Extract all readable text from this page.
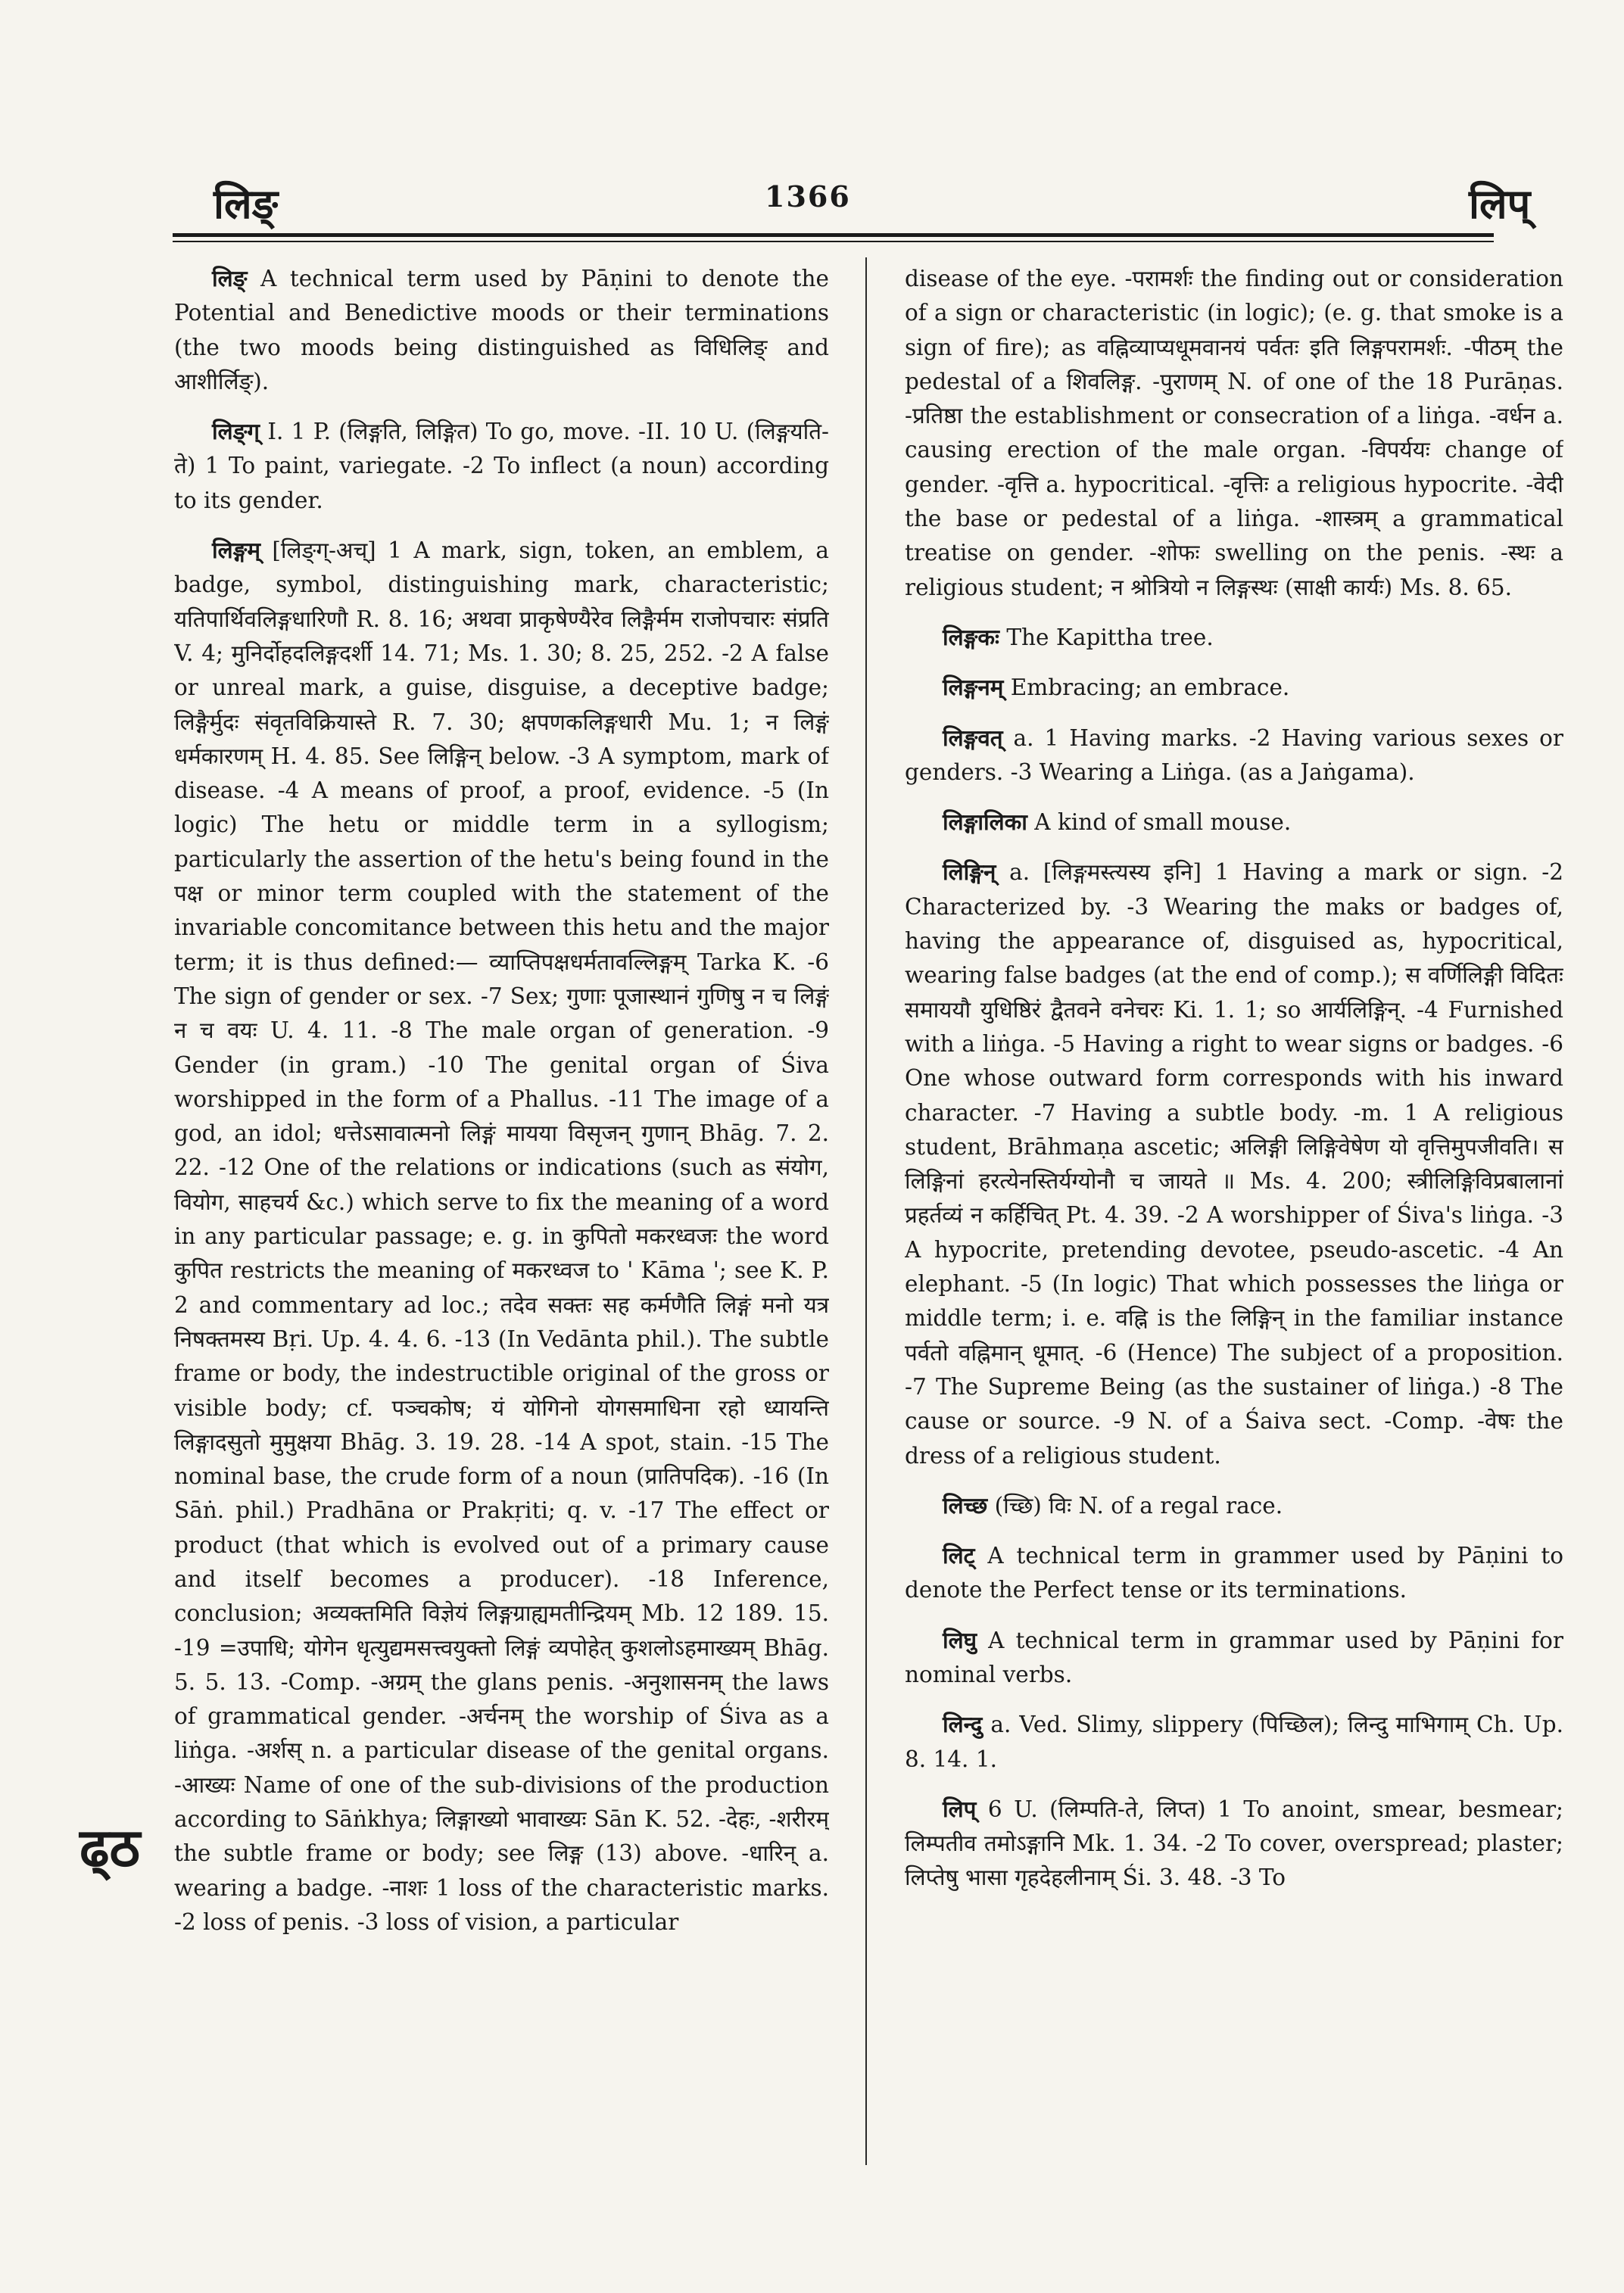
लिङ्	1366	लिप्

लिङ् A technical term used by Pāṇini to denote the Potential and Benedictive moods or their terminations (the two moods being distinguished as विधिलिङ् and आशीर्लिङ्).

लिङ्ग् I. 1 P. (लिङ्गति, लिङ्गित) To go, move. -II. 10 U. (लिङ्गयति-ते) 1 To paint, variegate. -2 To inflect (a noun) according to its gender.

लिङ्गम् [लिङ्ग्-अच्] 1 A mark, sign, token, an emblem, a badge, symbol, distinguishing mark, characteristic; यतिपार्थिवलिङ्गधारिणौ R. 8. 16; अथवा प्राकृषेण्यैरेव लिङ्गैर्मम राजोपचारः संप्रति V. 4; मुनिर्दोहदलिङ्गदर्शी 14. 71; Ms. 1. 30; 8. 25, 252. -2 A false or unreal mark, a guise, disguise, a deceptive badge; लिङ्गैर्मुदः संवृतविक्रियास्ते R. 7. 30; क्षपणकलिङ्गधारी Mu. 1; न लिङ्गं धर्मकारणम् H. 4. 85. See लिङ्गिन् below. -3 A symptom, mark of disease. -4 A means of proof, a proof, evidence. -5 (In logic) The hetu or middle term in a syllogism; particularly the assertion of the hetu's being found in the पक्ष or minor term coupled with the statement of the invariable concomitance between this hetu and the major term; it is thus defined:— व्याप्तिपक्षधर्मतावल्लिङ्गम् Tarka K. -6 The sign of gender or sex. -7 Sex; गुणाः पूजास्थानं गुणिषु न च लिङ्गं न च वयः U. 4. 11. -8 The male organ of generation. -9 Gender (in gram.) -10 The genital organ of Śiva worshipped in the form of a Phallus. -11 The image of a god, an idol; धत्तेऽसावात्मनो लिङ्गं मायया विसृजन् गुणान् Bhāg. 7. 2. 22. -12 One of the relations or indications (such as संयोग, वियोग, साहचर्य &c.) which serve to fix the meaning of a word in any particular passage; e. g. in कुपितो मकरध्वजः the word कुपित restricts the meaning of मकरध्वज to ' Kāma '; see K. P. 2 and commentary ad loc.; तदेव सक्तः सह कर्मणैति लिङ्गं मनो यत्र निषक्तमस्य Bṛi. Up. 4. 4. 6. -13 (In Vedānta phil.). The subtle frame or body, the indestructible original of the gross or visible body; cf. पञ्चकोष; यं योगिनो योगसमाधिना रहो ध्यायन्ति लिङ्गादसुतो मुमुक्षया Bhāg. 3. 19. 28. -14 A spot, stain. -15 The nominal base, the crude form of a noun (प्रातिपदिक). -16 (In Sāṅ. phil.) Pradhāna or Prakṛiti; q. v. -17 The effect or product (that which is evolved out of a primary cause and itself becomes a producer). -18 Inference, conclusion; अव्यक्तमिति विज्ञेयं लिङ्गग्राह्यमतीन्द्रियम् Mb. 12 189. 15. -19 =उपाधि; योगेन धृत्युद्यमसत्त्वयुक्तो लिङ्गं व्यपोहेत् कुशलोऽहमाख्यम् Bhāg. 5. 5. 13. -Comp. -अग्रम् the glans penis. -अनुशासनम् the laws of grammatical gender. -अर्चनम् the worship of Śiva as a liṅga. -अर्शस् n. a particular disease of the genital organs. -आख्यः Name of one of the sub-divisions of the production according to Sāṅkhya; लिङ्गाख्यो भावाख्यः Sān K. 52. -देहः, -शरीरम् the subtle frame or body; see लिङ्ग (13) above. -धारिन् a. wearing a badge. -नाशः 1 loss of the characteristic marks. -2 loss of penis. -3 loss of vision, a particular

disease of the eye. -परामर्शः the finding out or consideration of a sign or characteristic (in logic); (e. g. that smoke is a sign of fire); as वह्निव्याप्यधूमवानयं पर्वतः इति लिङ्गपरामर्शः. -पीठम् the pedestal of a शिवलिङ्ग. -पुराणम् N. of one of the 18 Purāṇas. -प्रतिष्ठा the establishment or consecration of a liṅga. -वर्धन a. causing erection of the male organ. -विपर्ययः change of gender. -वृत्ति a. hypocritical. -वृत्तिः a religious hypocrite. -वेदी the base or pedestal of a liṅga. -शास्त्रम् a grammatical treatise on gender. -शोफः swelling on the penis. -स्थः a religious student; न श्रोत्रियो न लिङ्गस्थः (साक्षी कार्यः) Ms. 8. 65.

लिङ्गकः The Kapittha tree.

लिङ्गनम् Embracing; an embrace.

लिङ्गवत् a. 1 Having marks. -2 Having various sexes or genders. -3 Wearing a Liṅga. (as a Jaṅgama).

लिङ्गालिका A kind of small mouse.

लिङ्गिन् a. [लिङ्गमस्त्यस्य इनि] 1 Having a mark or sign. -2 Characterized by. -3 Wearing the maks or badges of, having the appearance of, disguised as, hypocritical, wearing false badges (at the end of comp.); स वर्णिलिङ्गी विदितः समाययौ युधिष्ठिरं द्वैतवने वनेचरः Ki. 1. 1; so आर्यलिङ्गिन्. -4 Furnished with a liṅga. -5 Having a right to wear signs or badges. -6 One whose outward form corresponds with his inward character. -7 Having a subtle body. -m. 1 A religious student, Brāhmaṇa ascetic; अलिङ्गी लिङ्गिवेषेण यो वृत्तिमुपजीवति। स लिङ्गिनां हरत्येनस्तिर्यग्योनौ च जायते ॥ Ms. 4. 200; स्त्रीलिङ्गिविप्रबालानां प्रहर्तव्यं न कर्हिचित् Pt. 4. 39. -2 A worshipper of Śiva's liṅga. -3 A hypocrite, pretending devotee, pseudo-ascetic. -4 An elephant. -5 (In logic) That which possesses the liṅga or middle term; i. e. वह्नि is the लिङ्गिन् in the familiar instance पर्वतो वह्निमान् धूमात्. -6 (Hence) The subject of a proposition. -7 The Supreme Being (as the sustainer of liṅga.) -8 The cause or source. -9 N. of a Śaiva sect. -Comp. -वेषः the dress of a religious student.

लिच्छ (च्छि) विः N. of a regal race.

लिट् A technical term in grammer used by Pāṇini to denote the Perfect tense or its terminations.

लिघु A technical term in grammar used by Pāṇini for nominal verbs.

लिन्दु a. Ved. Slimy, slippery (पिच्छिल); लिन्दु माभिगाम् Ch. Up. 8. 14. 1.

लिप् 6 U. (लिम्पति-ते, लिप्त) 1 To anoint, smear, besmear; लिम्पतीव तमोऽङ्गानि Mk. 1. 34. -2 To cover, overspread; plaster; लिप्तेषु भासा गृहदेहलीनाम् Śi. 3. 48. -3 To

ढ्ठ
